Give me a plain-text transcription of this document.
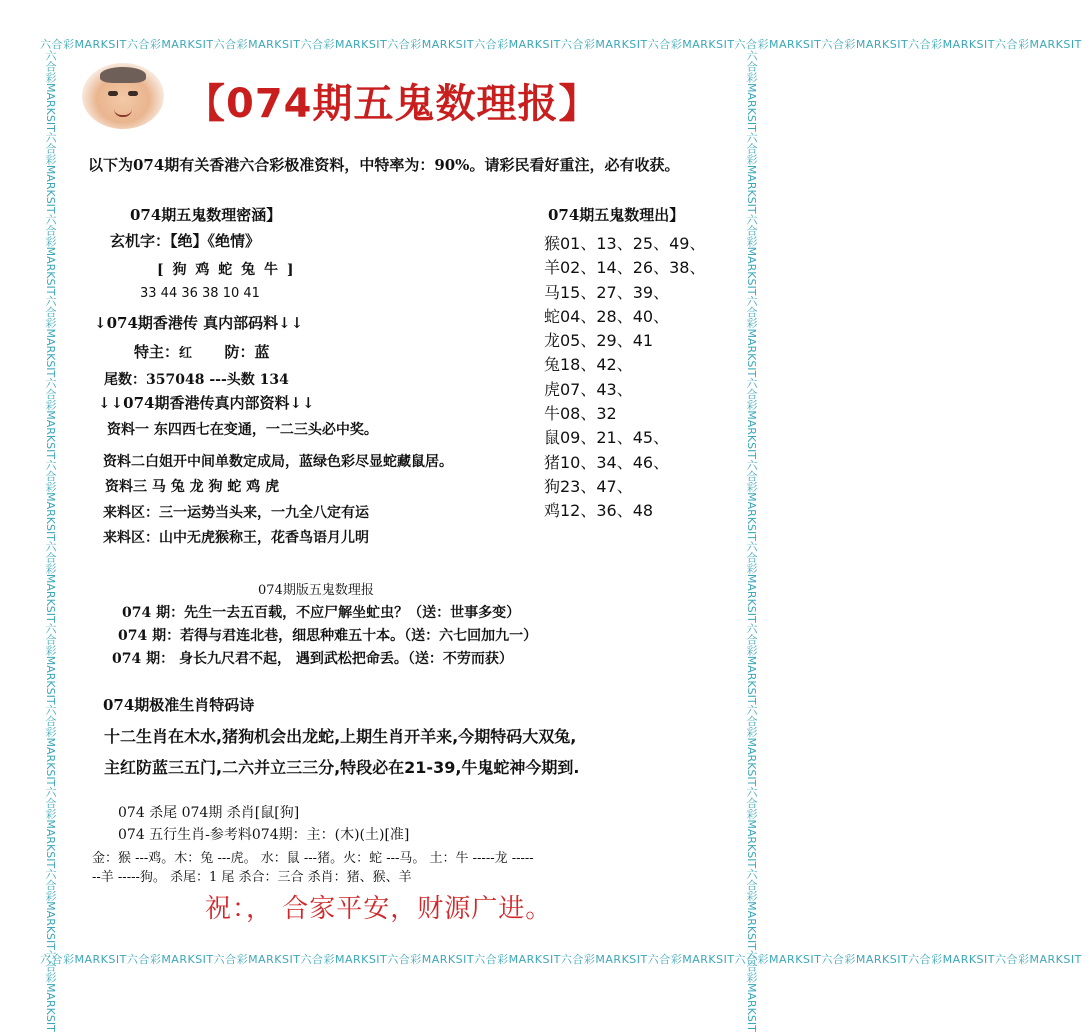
六合彩MARKSIT六合彩MARKSIT六合彩MARKSIT六合彩MARKSIT六合彩MARKSIT六合彩MARKSIT六合彩MARKSIT六合彩MARKSIT六合彩MARKSIT六合彩MARKSIT六合彩MARKSIT六合彩MARKSIT
六合彩MARKSIT六合彩MARKSIT六合彩MARKSIT六合彩MARKSIT六合彩MARKSIT六合彩MARKSIT六合彩MARKSIT六合彩MARKSIT六合彩MARKSIT六合彩MARKSIT六合彩MARKSIT六合彩MARKSIT
六合彩MARKSIT六合彩MARKSIT六合彩MARKSIT六合彩MARKSIT六合彩MARKSIT六合彩MARKSIT六合彩MARKSIT六合彩MARKSIT六合彩MARKSIT六合彩MARKSIT六合彩MARKSIT六合彩MARKSIT	六合彩MARKSIT六合彩MARKSIT六合彩MARKSIT六合彩MARKSIT六合彩MARKSIT六合彩MARKSIT六合彩MARKSIT六合彩MARKSIT六合彩MARKSIT六合彩MARKSIT六合彩MARKSIT六合彩MARKSIT
【074期五鬼数理报】
以下为074期有关香港六合彩极准资料，中特率为：90%。请彩民看好重注，必有收获。
074期五鬼数理密涵】
玄机字：【绝】《绝情》
[ 狗 鸡 蛇 兔 牛 ]
33 44 36 38 10 41
↓074期香港传 真内部码料↓↓
特主：红 防：蓝
尾数：357048 ---头数 134
↓↓074期香港传真内部资料↓↓
资料一 东四西七在变通，一二三头必中奖。
资料二白姐开中间单数定成局，蓝绿色彩尽显蛇藏鼠居。
资料三 马 兔 龙 狗 蛇 鸡 虎
来料区：三一运势当头来，一九全八定有运
来料区：山中无虎猴称王，花香鸟语月儿明
074期五鬼数理出】
猴01、13、25、49、
羊02、14、26、38、
马15、27、39、
蛇04、28、40、
龙05、29、41
兔18、42、
虎07、43、
牛08、32
鼠09、21、45、
猪10、34、46、
狗23、47、
鸡12、36、48
074期版五鬼数理报
074 期：先生一去五百载，不应尸解坐虻虫？（送：世事多变）
074 期：若得与君连北巷，细思种难五十本。（送：六七回加九一）
074 期： 身长九尺君不起， 遇到武松把命丢。（送：不劳而获）
074期极准生肖特码诗
十二生肖在木水,猪狗机会出龙蛇,上期生肖开羊来,今期特码大双兔,
主红防蓝三五门,二六并立三三分,特段必在21-39,牛鬼蛇神今期到.
074 杀尾 074期 杀肖[鼠[狗]
074 五行生肖-参考料074期：主：(木)(土)[准]
金：猴 ---鸡。木：兔 ---虎。 水：鼠 ---猪。火：蛇 ---马。 土：牛 -----龙 -----
--羊 -----狗。 杀尾：1 尾 杀合：三合 杀肖：猪、猴、羊
祝：， 合家平安，财源广进。
